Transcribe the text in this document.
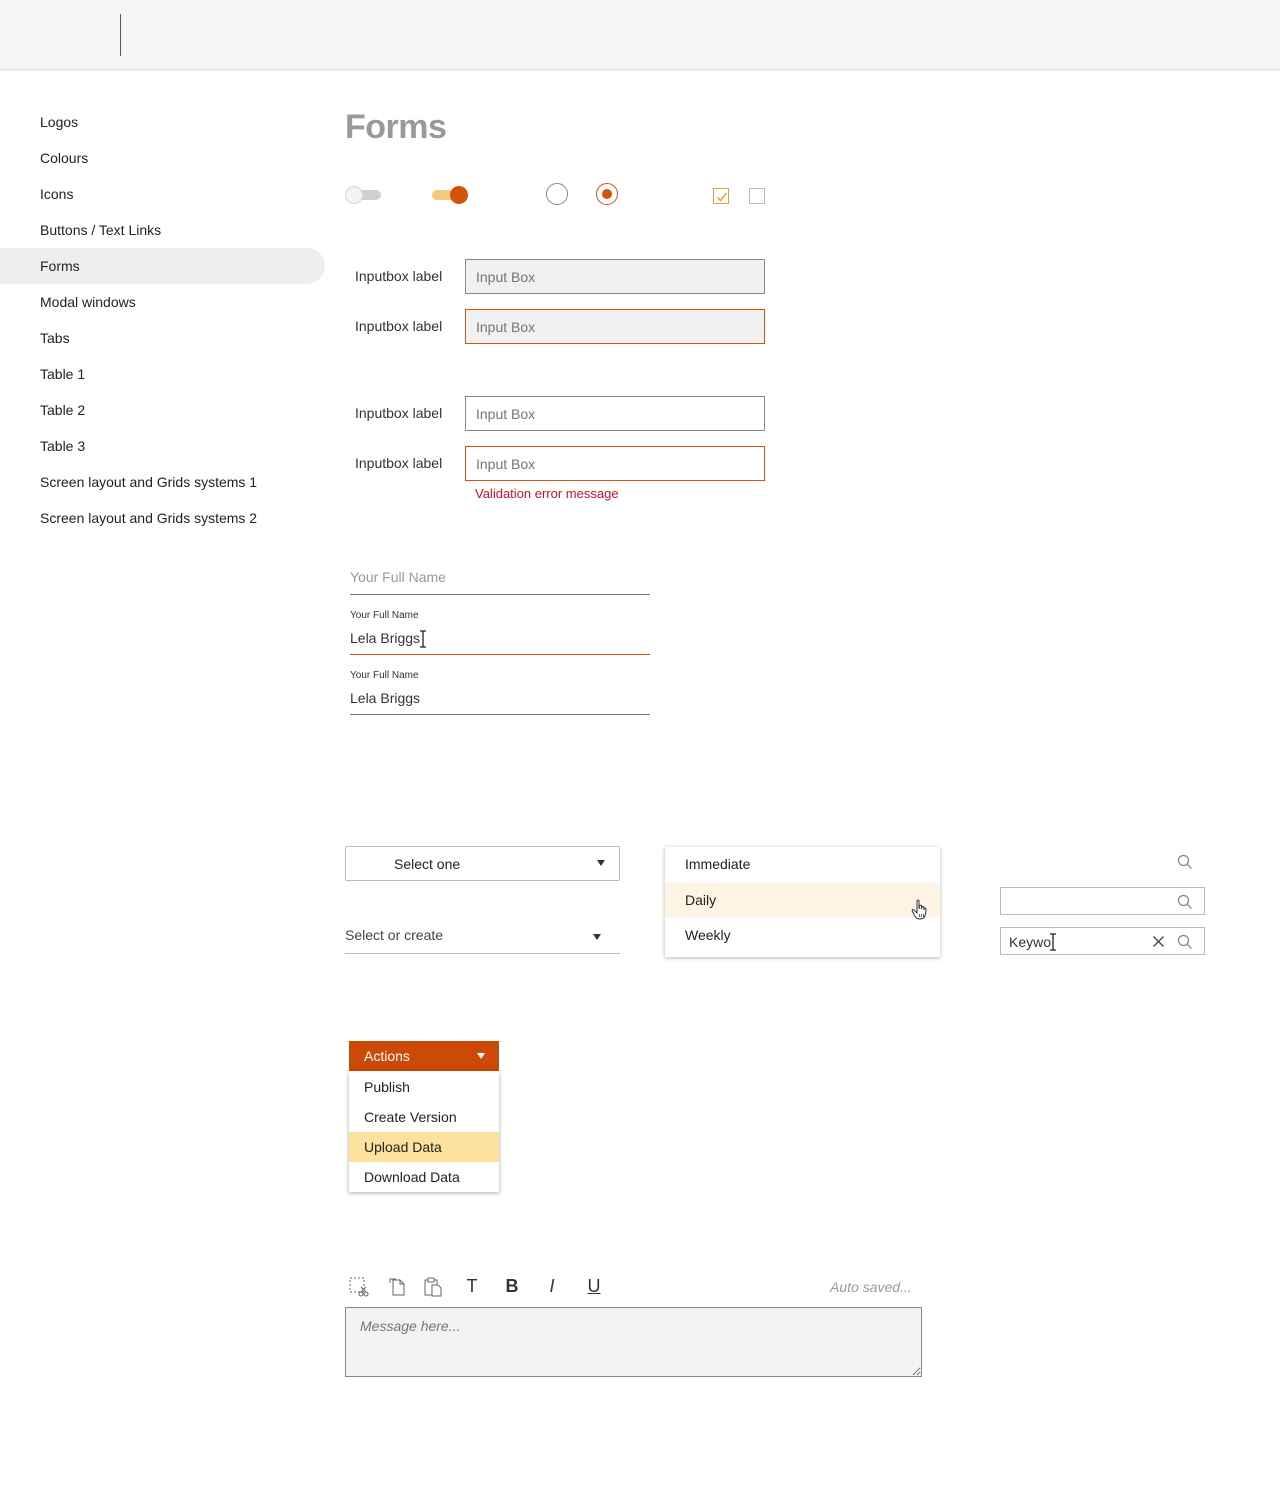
Logos
Colours
Icons
Buttons / Text Links
Forms
Modal windows
Tabs
Table 1
Table 2
Table 3
Screen layout and Grids systems 1
Screen layout and Grids systems 2
Forms
Inputbox label
Input Box
Inputbox label
Input Box
Inputbox label
Input Box
Inputbox label
Input Box
Validation error message
Your Full Name
Your Full Name
Lela Briggs
Your Full Name
Lela Briggs
Select one
Select or create
Immediate
Daily
Weekly	Keywo
Actions
Publish
Create Version
Upload Data
Download Data
T	B	I	U	Auto saved...
Message here...
